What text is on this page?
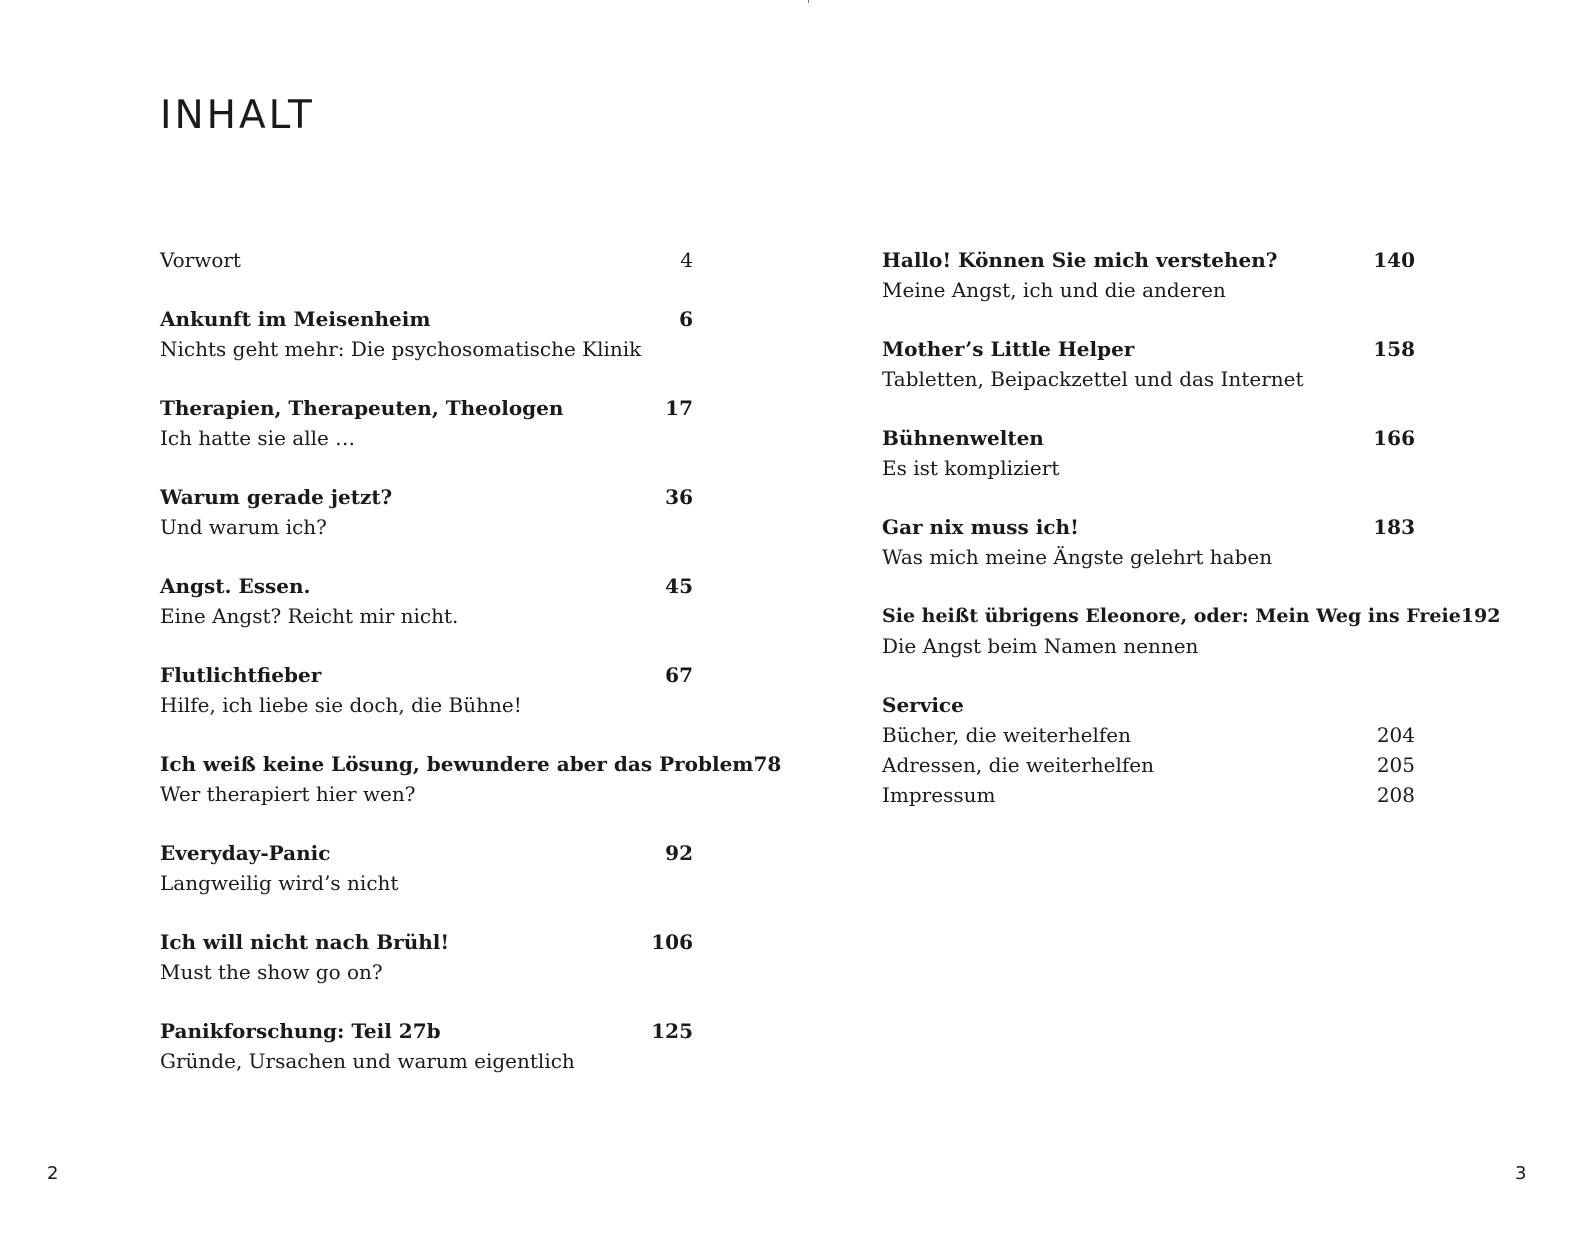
INHALT
Vorwort	4
Ankunft im Meisenheim	6
Nichts geht mehr: Die psychosomatische Klinik
Therapien, Therapeuten, Theologen	17
Ich hatte sie alle …
Warum gerade jetzt?	36
Und warum ich?
Angst. Essen.	45
Eine Angst? Reicht mir nicht.
Flutlichtfieber	67
Hilfe, ich liebe sie doch, die Bühne!
Ich weiß keine Lösung, bewundere aber das Problem 78
Wer therapiert hier wen?
Everyday-Panic	92
Langweilig wird’s nicht
Ich will nicht nach Brühl!	106
Must the show go on?
Panikforschung: Teil 27b	125
Gründe, Ursachen und warum eigentlich
Hallo! Können Sie mich verstehen?	140
Meine Angst, ich und die anderen
Mother’s Little Helper	158
Tabletten, Beipackzettel und das Internet
Bühnenwelten	166
Es ist kompliziert
Gar nix muss ich!	183
Was mich meine Ängste gelehrt haben
Sie heißt übrigens Eleonore, oder: Mein Weg ins Freie 192
Die Angst beim Namen nennen
Service
Bücher, die weiterhelfen	204
Adressen, die weiterhelfen	205
Impressum	208
2	3
